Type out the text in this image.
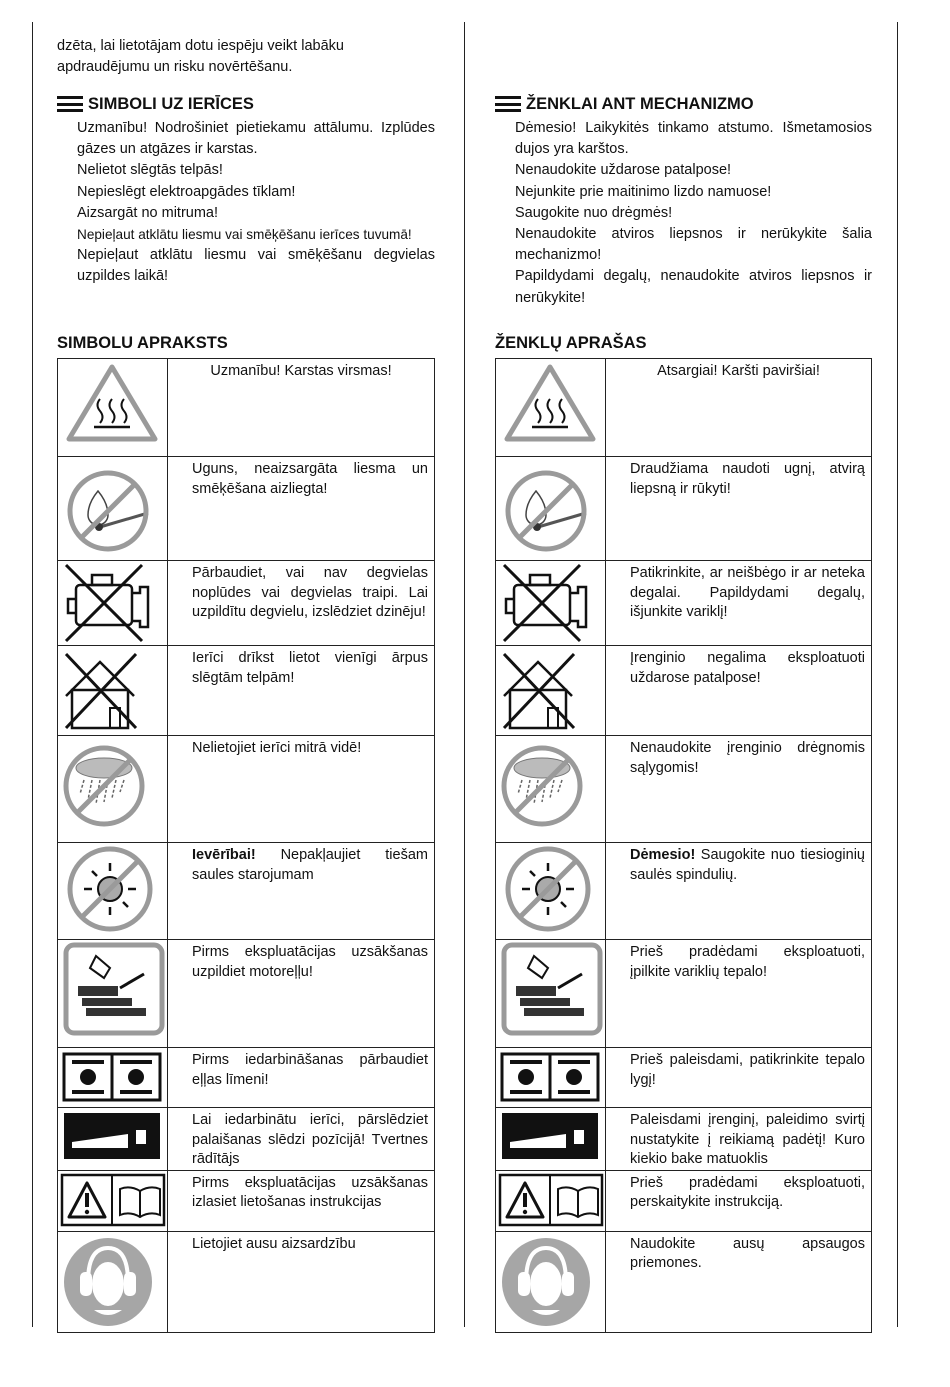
dzēta, lai lietotājam dotu iespēju veikt labāku apdraudējumu un risku novērtēšanu.

SIMBOLI UZ IERĪCES
Uzmanību! Nodrošiniet pietiekamu attālumu. Izplūdes gāzes un atgāzes ir karstas.
Nelietot slēgtās telpās!
Nepieslēgt elektroapgādes tīklam!
Aizsargāt no mitruma!
Nepieļaut atklātu liesmu vai smēķēšanu ierīces tuvumā!
Nepieļaut atklātu liesmu vai smēķēšanu degvielas uzpildes laikā!
SIMBOLU APRAKSTS
	Uzmanību! Karstas virsmas!

	Uguns, neaizsargāta liesma un smēķēšana aizliegta!

	Pārbaudiet, vai nav degvielas noplūdes vai degvielas traipi. Lai uzpildītu degvielu, izslēdziet dzinēju!

	Ierīci drīkst lietot vienīgi ārpus slēgtām telpām!

	Nelietojiet ierīci mitrā vidē!

	Ievērībai! Nepakļaujiet tiešam saules starojumam

	Pirms ekspluatācijas uzsākšanas uzpildiet motoreļļu!

	Pirms iedarbināšanas pārbaudiet eļļas līmeni!

	Lai iedarbinātu ierīci, pārslēdziet palaišanas slēdzi pozīcijā! Tvertnes rādītājs

	Pirms ekspluatācijas uzsākšanas izlasiet lietošanas instrukcijas

	Lietojiet ausu aizsardzību
ŽENKLAI ANT MECHANIZMO
Dėmesio! Laikykitės tinkamo atstumo. Išmetamosios dujos yra karštos.
Nenaudokite uždarose patalpose!
Nejunkite prie maitinimo lizdo namuose!
Saugokite nuo drėgmės!
Nenaudokite atviros liepsnos ir nerūkykite šalia mechanizmo!
Papildydami degalų, nenaudokite atviros liepsnos ir nerūkykite!
ŽENKLŲ APRAŠAS
	Atsargiai! Karšti paviršiai!

	Draudžiama naudoti ugnį, atvirą liepsną ir rūkyti!

	Patikrinkite, ar neišbėgo ir ar neteka degalai. Papildydami degalų, išjunkite variklį!

	Įrenginio negalima eksploatuoti uždarose patalpose!

	Nenaudokite įrenginio drėgnomis sąlygomis!

	Dėmesio! Saugokite nuo tiesioginių saulės spindulių.

	Prieš pradėdami eksploatuoti, įpilkite variklių tepalo!

	Prieš paleisdami, patikrinkite tepalo lygį!

	Paleisdami įrenginį, paleidimo svirtį nustatykite į reikiamą padėtį! Kuro kiekio bake matuoklis

	Prieš pradėdami eksploatuoti, perskaitykite instrukciją.

	Naudokite ausų apsaugos priemones.
